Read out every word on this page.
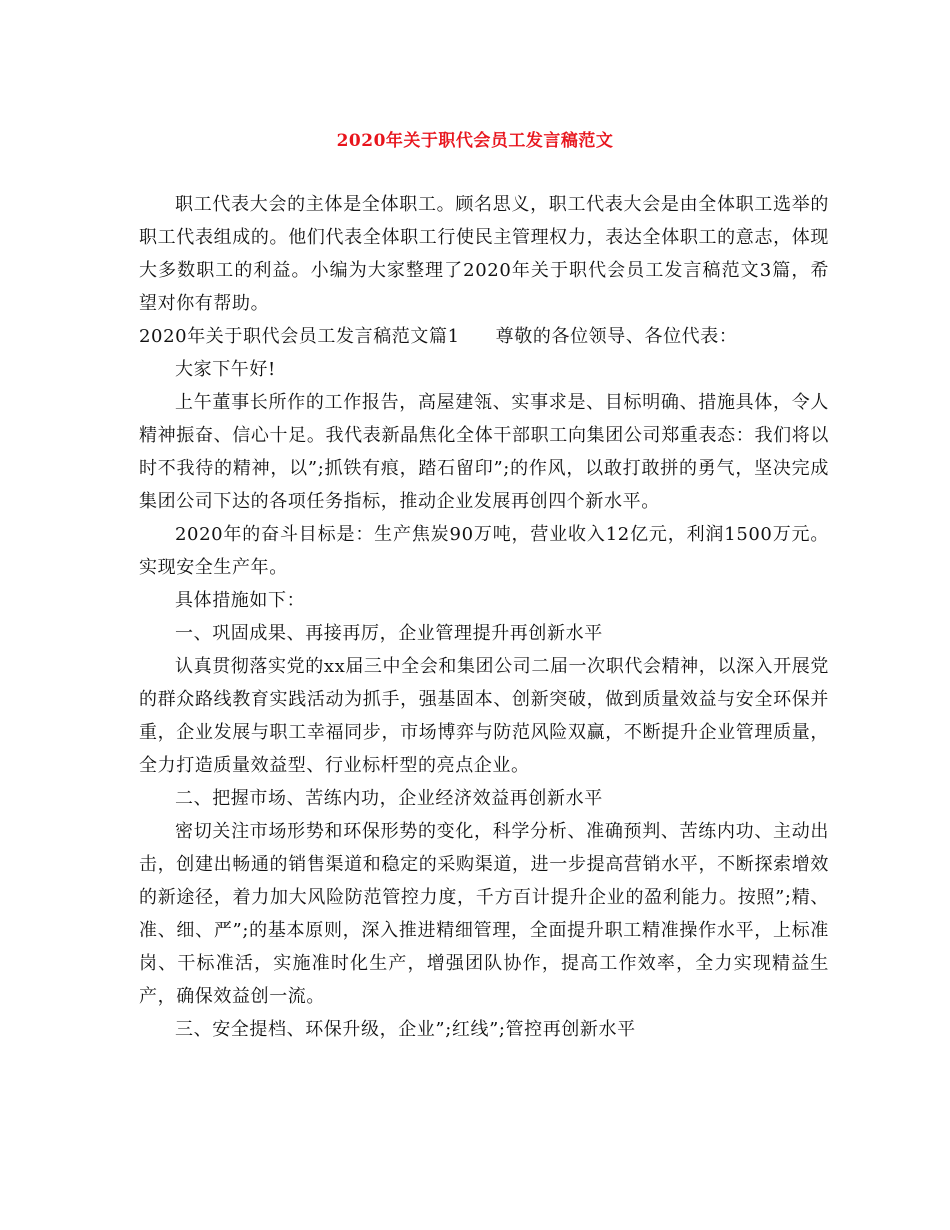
2020年关于职代会员工发言稿范文

职工代表大会的主体是全体职工。顾名思义，职工代表大会是由全体职工选举的职工代表组成的。他们代表全体职工行使民主管理权力，表达全体职工的意志，体现大多数职工的利益。小编为大家整理了2020年关于职代会员工发言稿范文3篇，希望对你有帮助。

2020年关于职代会员工发言稿范文篇1 尊敬的各位领导、各位代表：

大家下午好!

上午董事长所作的工作报告，高屋建瓴、实事求是、目标明确、措施具体，令人精神振奋、信心十足。我代表新晶焦化全体干部职工向集团公司郑重表态：我们将以时不我待的精神，以”;抓铁有痕，踏石留印”;的作风，以敢打敢拼的勇气，坚决完成集团公司下达的各项任务指标，推动企业发展再创四个新水平。

2020年的奋斗目标是：生产焦炭90万吨，营业收入12亿元，利润1500万元。实现安全生产年。

具体措施如下：

一、巩固成果、再接再厉，企业管理提升再创新水平

认真贯彻落实党的xx届三中全会和集团公司二届一次职代会精神，以深入开展党的群众路线教育实践活动为抓手，强基固本、创新突破，做到质量效益与安全环保并重，企业发展与职工幸福同步，市场博弈与防范风险双赢，不断提升企业管理质量，全力打造质量效益型、行业标杆型的亮点企业。

二、把握市场、苦练内功，企业经济效益再创新水平

密切关注市场形势和环保形势的变化，科学分析、准确预判、苦练内功、主动出击，创建出畅通的销售渠道和稳定的采购渠道，进一步提高营销水平，不断探索增效的新途径，着力加大风险防范管控力度，千方百计提升企业的盈利能力。按照”;精、准、细、严”;的基本原则，深入推进精细管理，全面提升职工精准操作水平，上标准岗、干标准活，实施准时化生产，增强团队协作，提高工作效率，全力实现精益生产，确保效益创一流。

三、安全提档、环保升级，企业”;红线”;管控再创新水平
